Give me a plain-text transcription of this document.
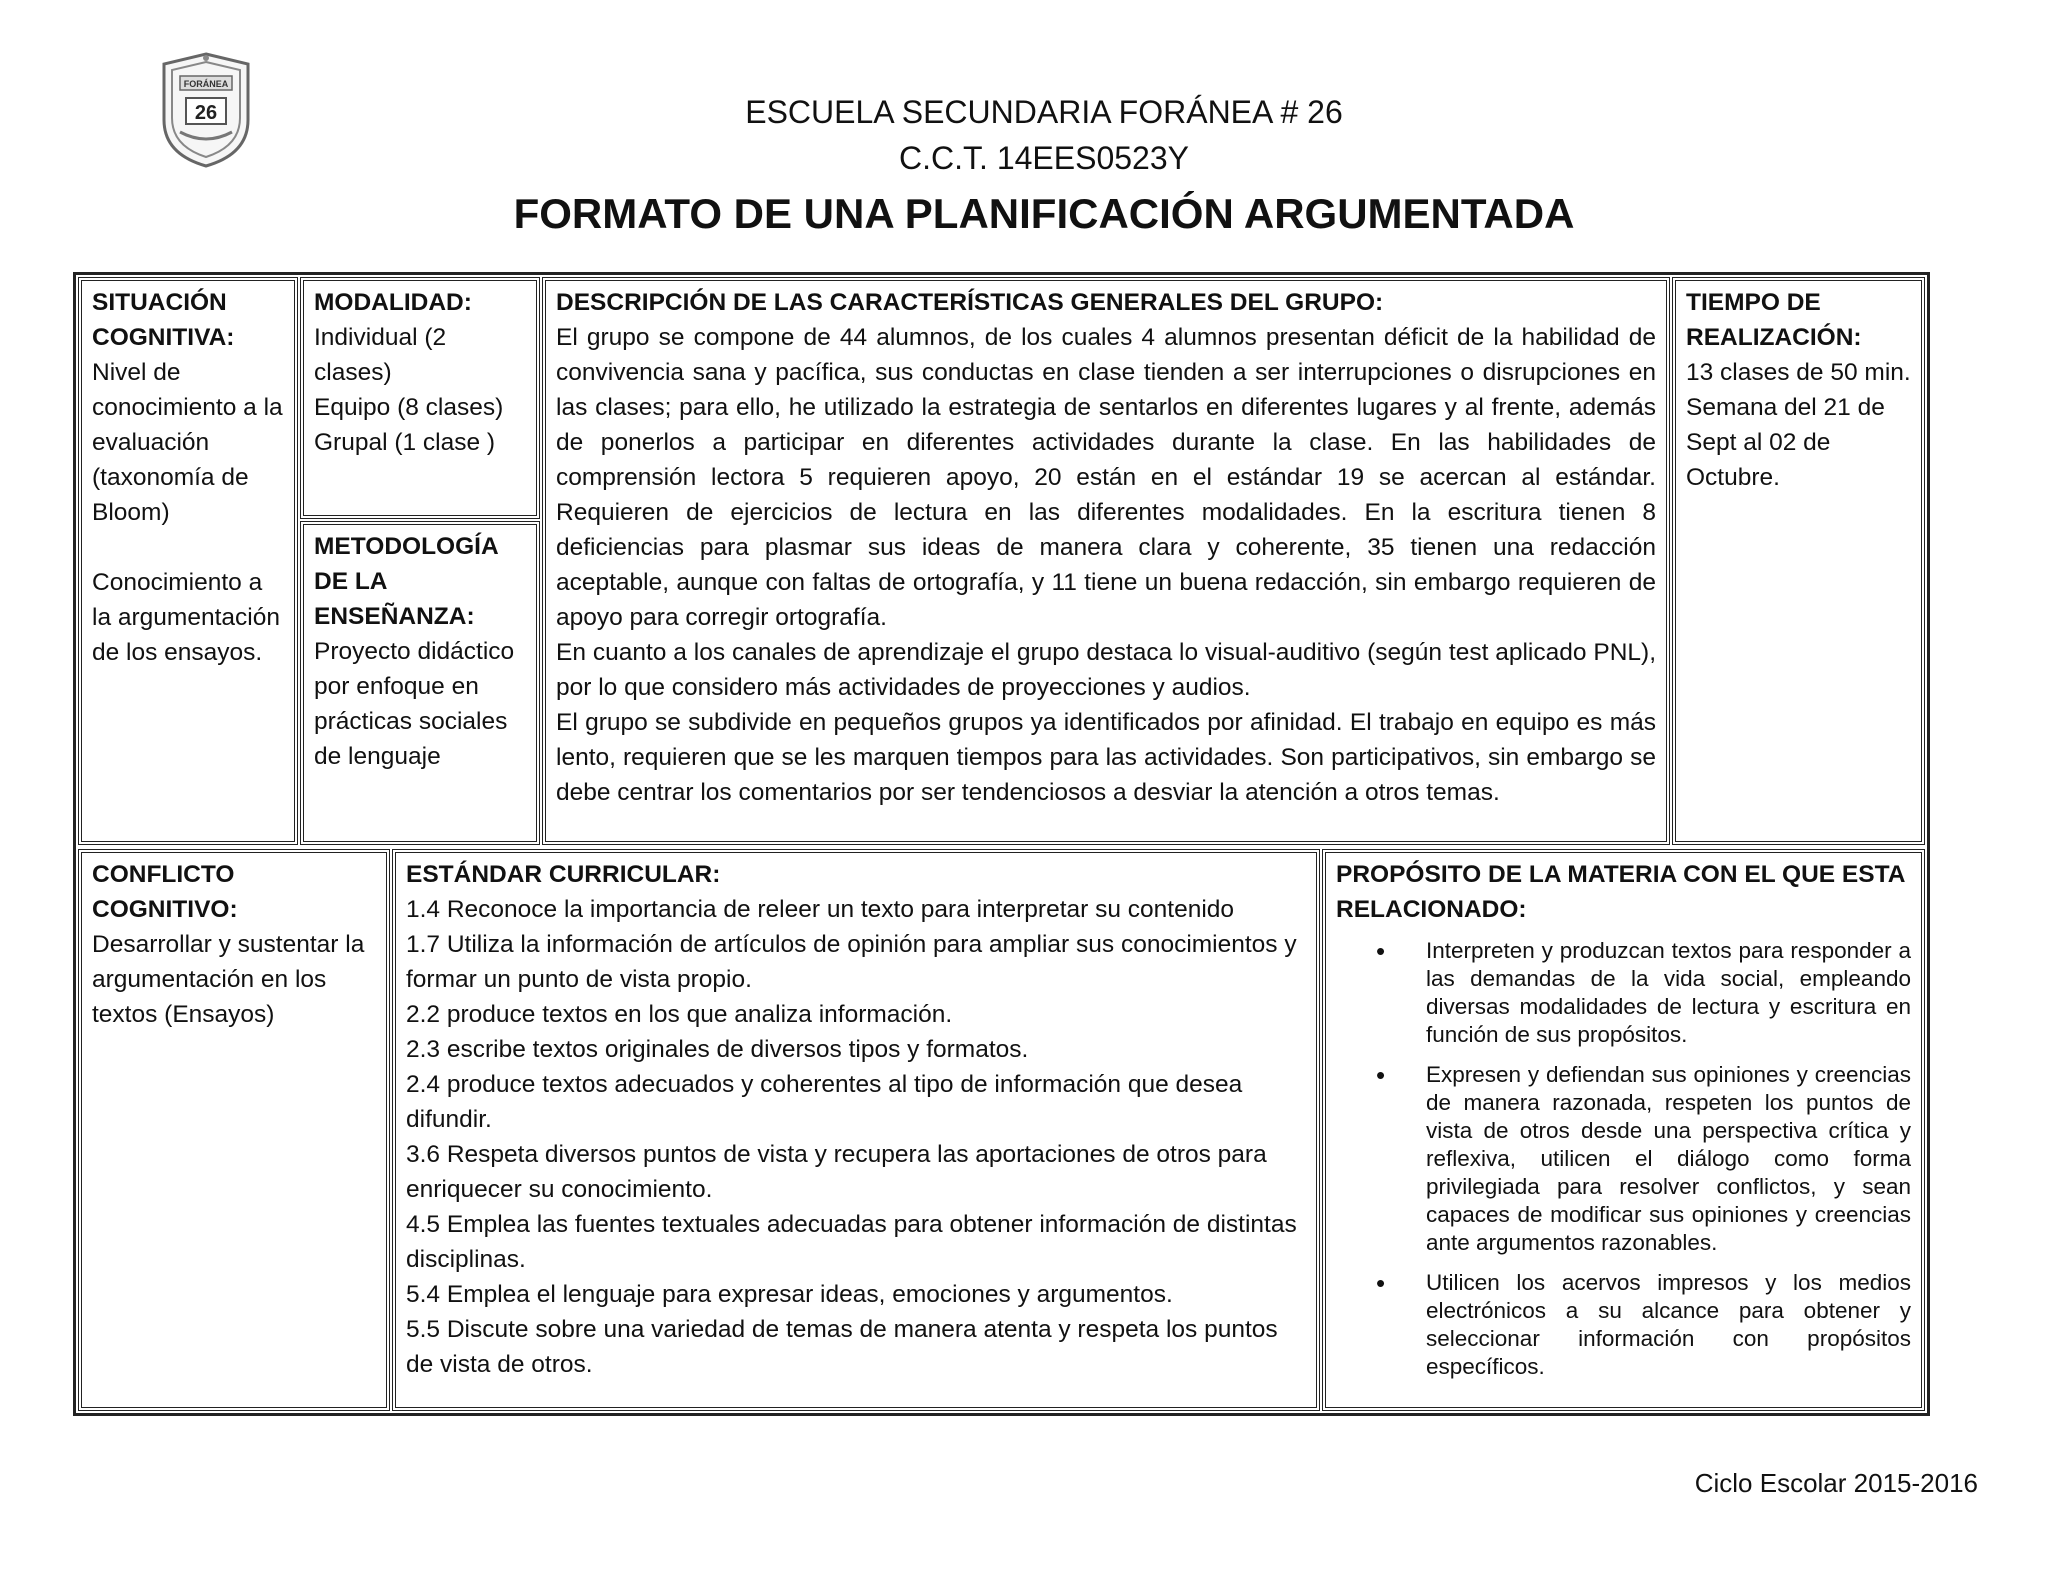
FORÁNEA
26	ESCUELA SECUNDARIA FORÁNEA # 26
C.C.T. 14EES0523Y
FORMATO DE UNA PLANIFICACIÓN ARGUMENTADA
SITUACIÓN COGNITIVA:
Nivel de conocimiento a la evaluación (taxonomía de Bloom)
Conocimiento a la argumentación de los ensayos.
MODALIDAD:
Individual (2 clases)
Equipo (8 clases)
Grupal (1 clase )
METODOLOGÍA DE LA ENSEÑANZA:
Proyecto didáctico por enfoque en prácticas sociales de lenguaje
DESCRIPCIÓN DE LAS CARACTERÍSTICAS GENERALES DEL GRUPO:

El grupo se compone de 44 alumnos, de los cuales 4 alumnos presentan déficit de la habilidad de convivencia sana y pacífica, sus conductas en clase tienden a ser interrupciones o disrupciones en las clases; para ello, he utilizado la estrategia de sentarlos en diferentes lugares y al frente, además de ponerlos a participar en diferentes actividades durante la clase. En las habilidades de comprensión lectora 5 requieren apoyo, 20 están en el estándar 19 se acercan al estándar. Requieren de ejercicios de lectura en las diferentes modalidades. En la escritura tienen 8 deficiencias para plasmar sus ideas de manera clara y coherente, 35 tienen una redacción aceptable, aunque con faltas de ortografía, y 11 tiene un buena redacción, sin embargo requieren de apoyo para corregir ortografía.

En cuanto a los canales de aprendizaje el grupo destaca lo visual-auditivo (según test aplicado PNL), por lo que considero más actividades de proyecciones y audios.

El grupo se subdivide en pequeños grupos ya identificados por afinidad. El trabajo en equipo es más lento, requieren que se les marquen tiempos para las actividades. Son participativos, sin embargo se debe centrar los comentarios por ser tendenciosos a desviar la atención a otros temas.

TIEMPO DE REALIZACIÓN:
13 clases de 50 min. Semana del 21 de Sept al 02 de Octubre.
CONFLICTO COGNITIVO:
Desarrollar y sustentar la argumentación en los textos (Ensayos)
ESTÁNDAR CURRICULAR:

1.4 Reconoce la importancia de releer un texto para interpretar su contenido

1.7 Utiliza la información de artículos de opinión para ampliar sus conocimientos y formar un punto de vista propio.

2.2 produce textos en los que analiza información.

2.3 escribe textos originales de diversos tipos y formatos.

2.4 produce textos adecuados y coherentes al tipo de información que desea difundir.

3.6 Respeta diversos puntos de vista y recupera las aportaciones de otros para enriquecer su conocimiento.

4.5 Emplea las fuentes textuales adecuadas para obtener información de distintas disciplinas.

5.4 Emplea el lenguaje para expresar ideas, emociones y argumentos.

5.5 Discute sobre una variedad de temas de manera atenta y respeta los puntos de vista de otros.

PROPÓSITO DE LA MATERIA CON EL QUE ESTA RELACIONADO:
• Interpreten y produzcan textos para responder a las demandas de la vida social, empleando diversas modalidades de lectura y escritura en función de sus propósitos.
• Expresen y defiendan sus opiniones y creencias de manera razonada, respeten los puntos de vista de otros desde una perspectiva crítica y reflexiva, utilicen el diálogo como forma privilegiada para resolver conflictos, y sean capaces de modificar sus opiniones y creencias ante argumentos razonables.
• Utilicen los acervos impresos y los medios electrónicos a su alcance para obtener y seleccionar información con propósitos específicos.
Ciclo Escolar 2015-2016
